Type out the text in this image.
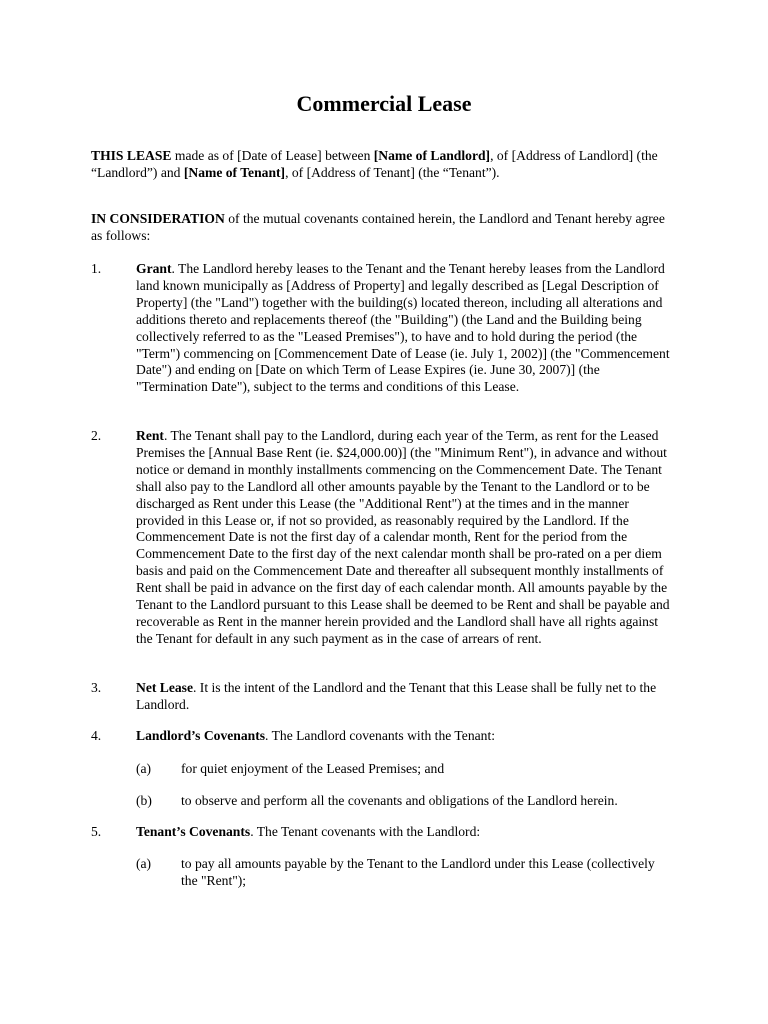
Commercial Lease

THIS LEASE made as of [Date of Lease] between [Name of Landlord], of [Address of Landlord] (the “Landlord”) and [Name of Tenant], of [Address of Tenant] (the “Tenant”).

IN CONSIDERATION of the mutual covenants contained herein, the Landlord and Tenant hereby agree as follows:

1.	Grant. The Landlord hereby leases to the Tenant and the Tenant hereby leases from the Landlord land known municipally as [Address of Property] and legally described as [Legal Description of Property] (the "Land") together with the building(s) located thereon, including all alterations and additions thereto and replacements thereof (the "Building") (the Land and the Building being collectively referred to as the "Leased Premises"), to have and to hold during the period (the "Term") commencing on [Commencement Date of Lease (ie. July 1, 2002)] (the "Commencement Date") and ending on [Date on which Term of Lease Expires (ie. June 30, 2007)] (the "Termination Date"), subject to the terms and conditions of this Lease.
2.	Rent. The Tenant shall pay to the Landlord, during each year of the Term, as rent for the Leased Premises the [Annual Base Rent (ie. $24,000.00)] (the "Minimum Rent"), in advance and without notice or demand in monthly installments commencing on the Commencement Date. The Tenant shall also pay to the Landlord all other amounts payable by the Tenant to the Landlord or to be discharged as Rent under this Lease (the "Additional Rent") at the times and in the manner provided in this Lease or, if not so provided, as reasonably required by the Landlord. If the Commencement Date is not the first day of a calendar month, Rent for the period from the Commencement Date to the first day of the next calendar month shall be pro-rated on a per diem basis and paid on the Commencement Date and thereafter all subsequent monthly installments of Rent shall be paid in advance on the first day of each calendar month. All amounts payable by the Tenant to the Landlord pursuant to this Lease shall be deemed to be Rent and shall be payable and recoverable as Rent in the manner herein provided and the Landlord shall have all rights against the Tenant for default in any such payment as in the case of arrears of rent.
3.	Net Lease. It is the intent of the Landlord and the Tenant that this Lease shall be fully net to the Landlord.
4.	Landlord’s Covenants. The Landlord covenants with the Tenant:
(a) for quiet enjoyment of the Leased Premises; and
(b) to observe and perform all the covenants and obligations of the Landlord herein.
5.	Tenant’s Covenants. The Tenant covenants with the Landlord:
(a) to pay all amounts payable by the Tenant to the Landlord under this Lease (collectively the "Rent");
